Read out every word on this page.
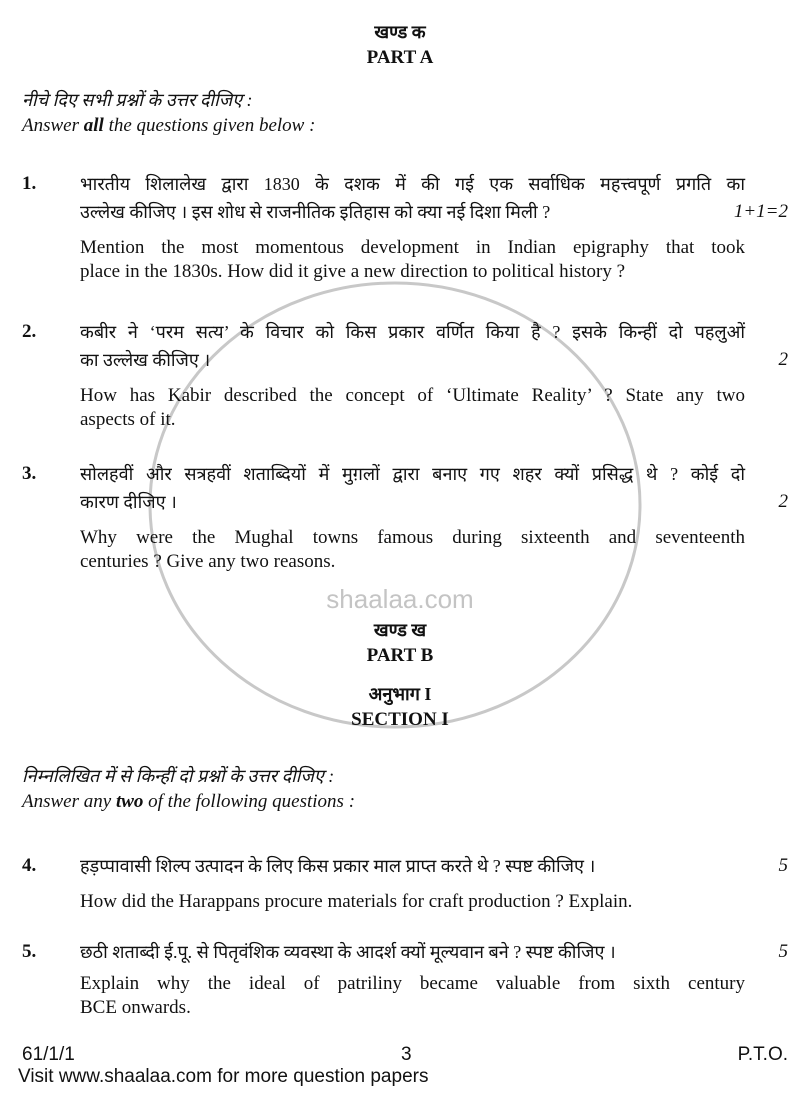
खण्ड क
PART A
नीचे दिए सभी प्रश्नों के उत्तर दीजिए :
Answer all the questions given below :
1.	भारतीय शिलालेख द्वारा 1830 के दशक में की गई एक सर्वाधिक महत्त्वपूर्ण प्रगति का
उल्लेख कीजिए । इस शोध से राजनीतिक इतिहास को क्या नई दिशा मिली ?	1+1=2
Mention the most momentous development in Indian epigraphy that took
place in the 1830s. How did it give a new direction to political history ?
2.	कबीर ने ‘परम सत्य’ के विचार को किस प्रकार वर्णित किया है ? इसके किन्हीं दो पहलुओं
का उल्लेख कीजिए ।	2
How has Kabir described the concept of ‘Ultimate Reality’ ? State any two
aspects of it.
3.	सोलहवीं और सत्रहवीं शताब्दियों में मुग़लों द्वारा बनाए गए शहर क्यों प्रसिद्ध थे ? कोई दो
कारण दीजिए ।	2
Why were the Mughal towns famous during sixteenth and seventeenth
centuries ? Give any two reasons.
shaalaa.com
खण्ड ख
PART B
अनुभाग I
SECTION I
निम्नलिखित में से किन्हीं दो प्रश्नों के उत्तर दीजिए :
Answer any two of the following questions :
4.	हड़प्पावासी शिल्प उत्पादन के लिए किस प्रकार माल प्राप्त करते थे ? स्पष्ट कीजिए ।	5
How did the Harappans procure materials for craft production ? Explain.
5.	छठी शताब्दी ई.पू. से पितृवंशिक व्यवस्था के आदर्श क्यों मूल्यवान बने ? स्पष्ट कीजिए ।	5
Explain why the ideal of patriliny became valuable from sixth century
BCE onwards.
61/1/1	3	P.T.O.
Visit www.shaalaa.com for more question papers
